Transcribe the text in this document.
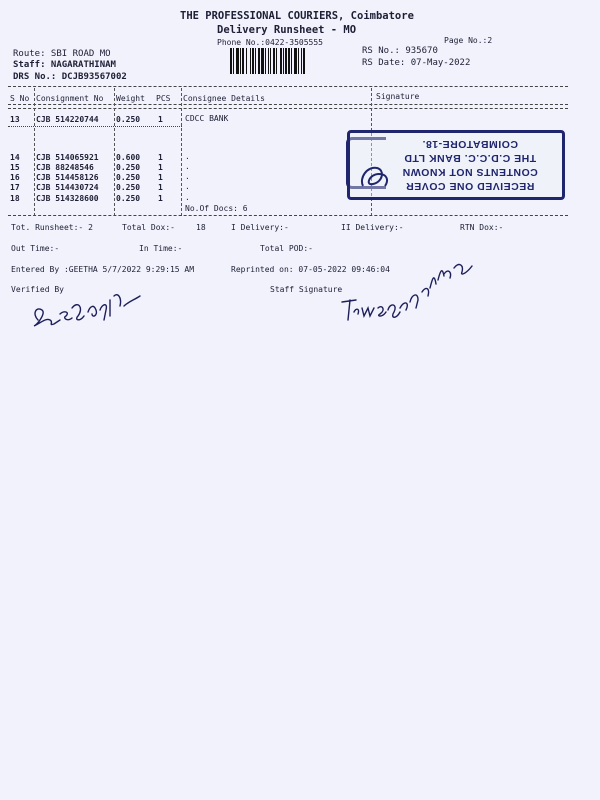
THE PROFESSIONAL COURIERS, Coimbatore
Delivery Runsheet - MO
Phone No.:0422-3505555	Page No.:2
Route: SBI ROAD MO
Staff: NAGARATHINAM
DRS No.: DCJB93567002
RS No.: 935670
RS Date: 07-May-2022
S No Consignment No Weight PCS Consignee Details	Signature
13 CJB 514220744 0.250 1	CDCC BANK
14 CJB 514065921 0.600 1	.
15 CJB 88248546	0.250 1	.
16 CJB 514458126 0.250 1	.
17 CJB 514430724 0.250 1	.
18 CJB 514328600 0.250 1	.
No.Of Docs: 6
RECEIVED ONE COVER
CONTENTS NOT KNOWN
THE C.D.C.C. BANK LTD
COIMBATORE-18.
Tot. Runsheet:- 2	Total Dox:-	18	I Delivery:-	II Delivery:-	RTN Dox:-
Out Time:-	In Time:-	Total POD:-
Entered By :GEETHA 5/7/2022 9:29:15 AM	Reprinted on: 07-05-2022 09:46:04
Verified By	Staff Signature
